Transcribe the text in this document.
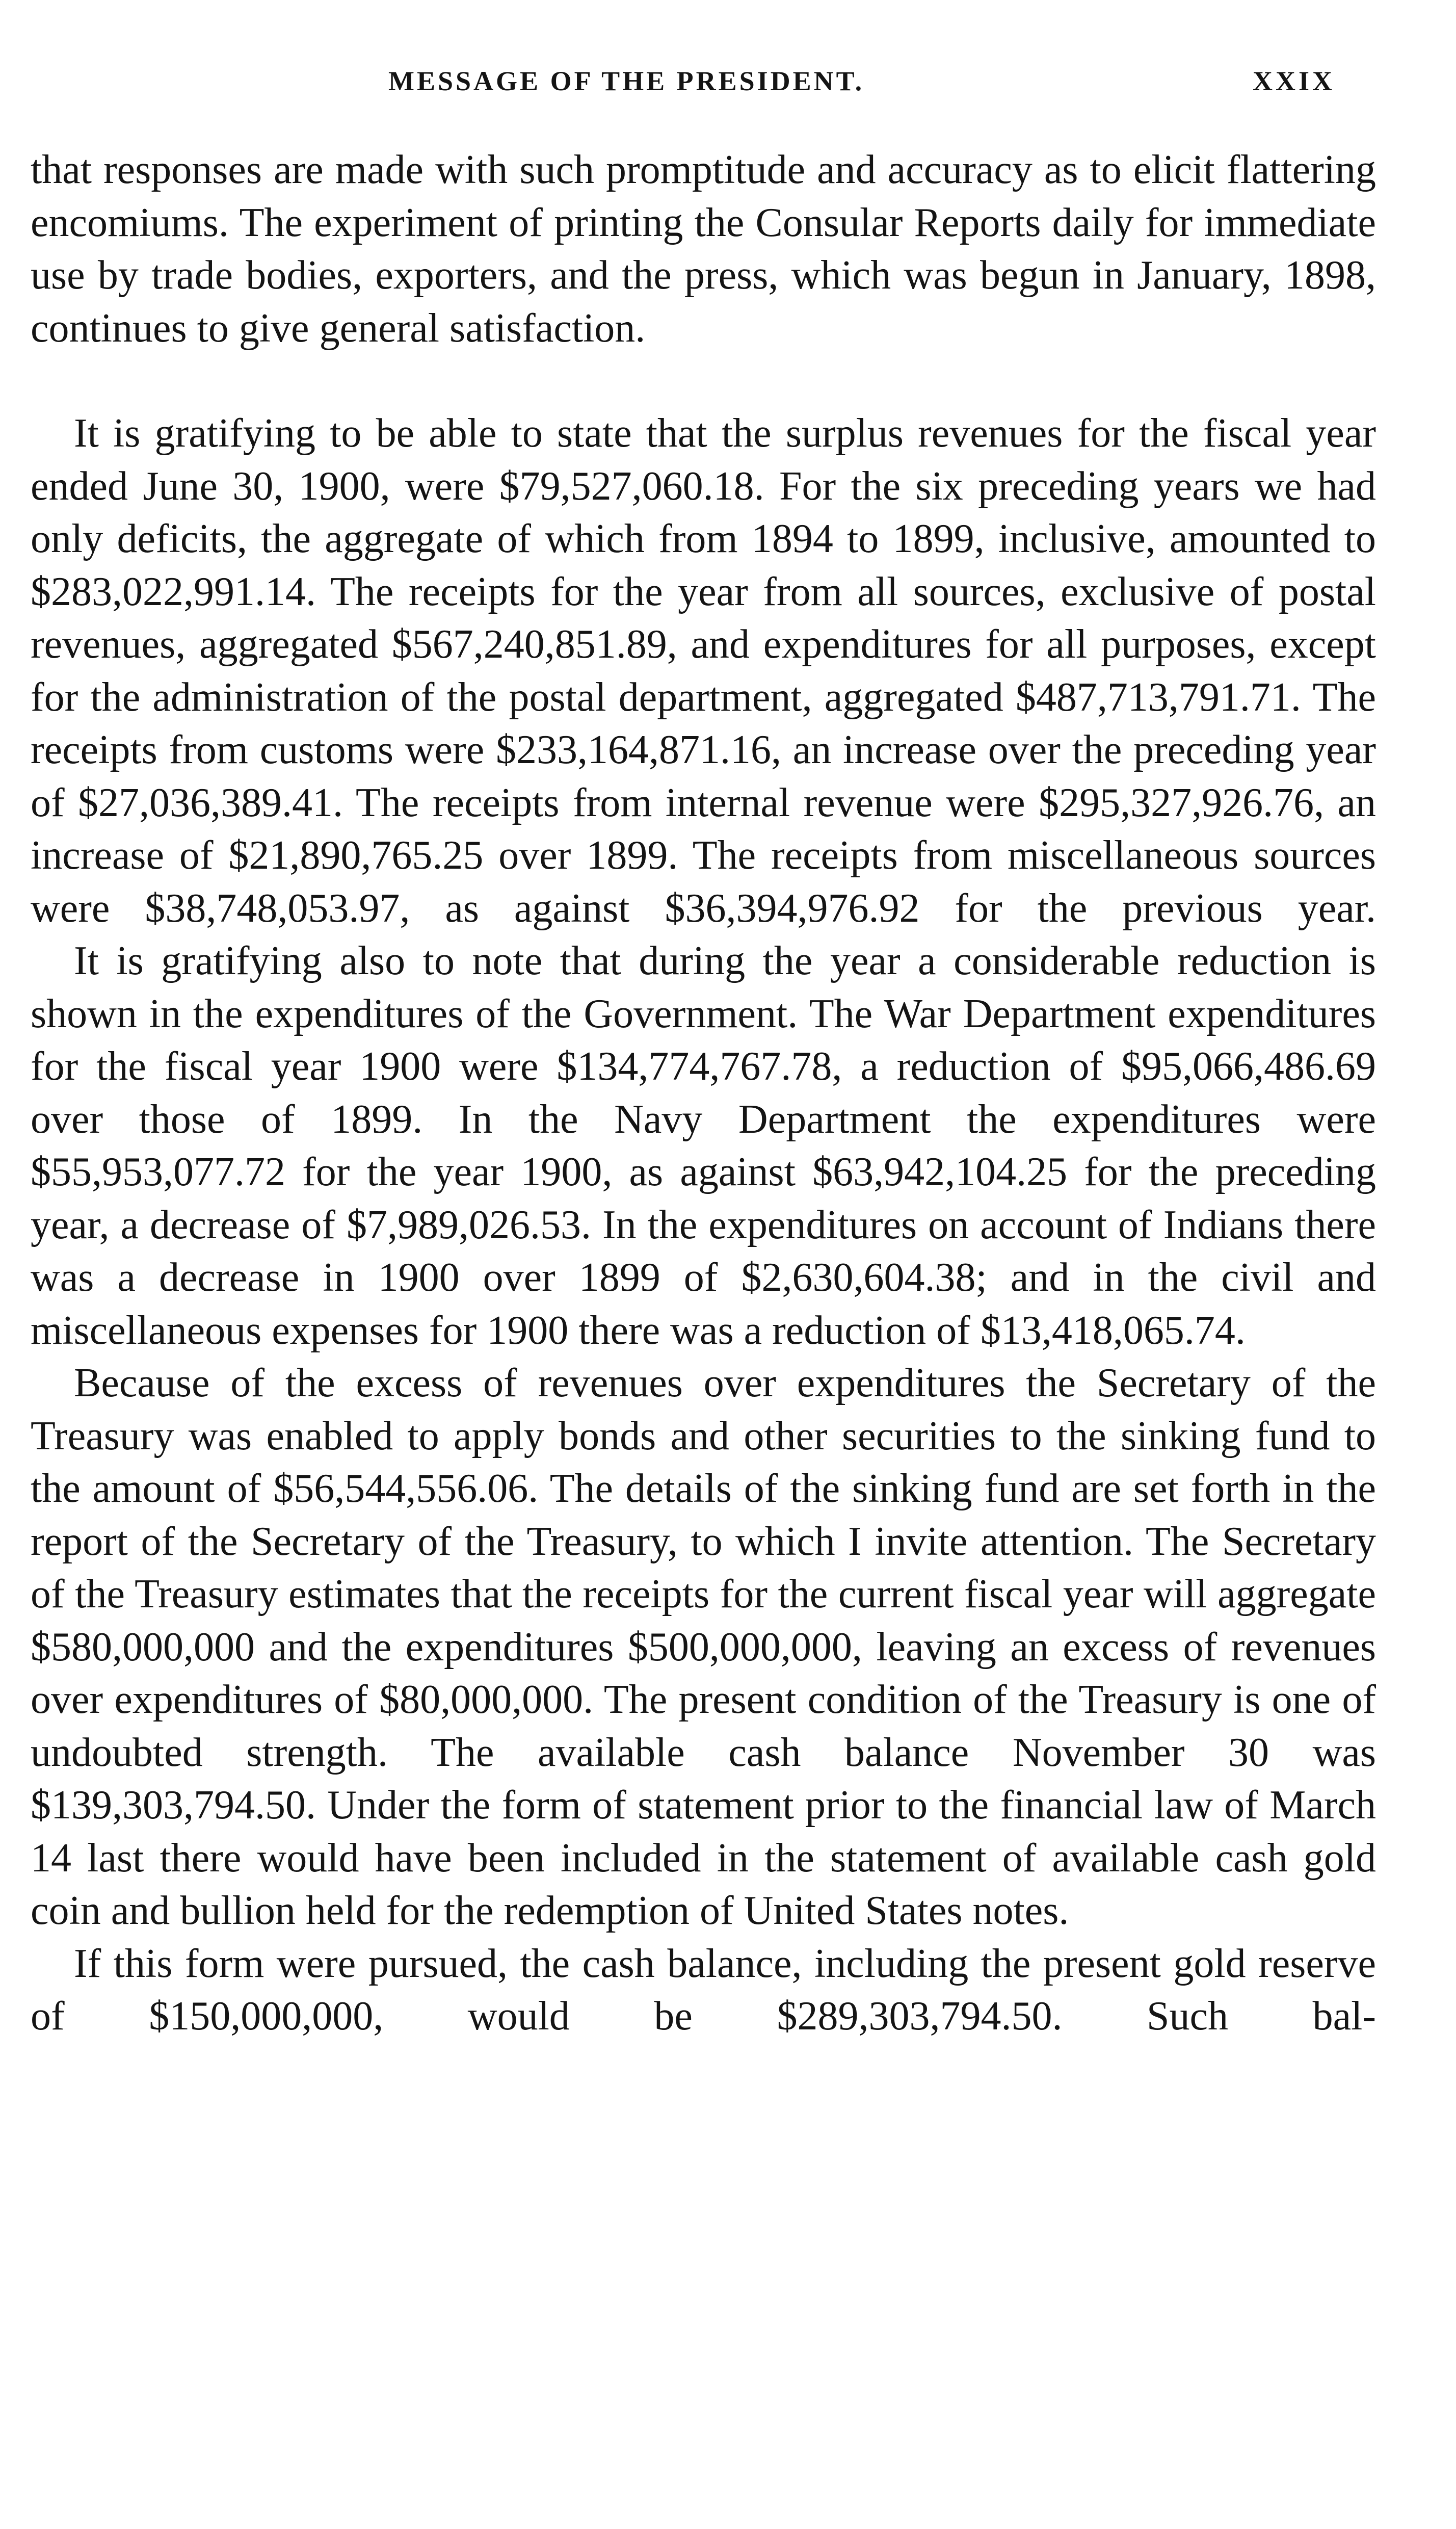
MESSAGE OF THE PRESIDENT.	XXIX

that responses are made with such promptitude and accuracy as to elicit flattering encomiums. The experiment of printing the Consular Reports daily for immediate use by trade bodies, exporters, and the press, which was begun in January, 1898, continues to give general satisfaction.

It is gratifying to be able to state that the surplus revenues for the fiscal year ended June 30, 1900, were $79,527,060.18. For the six preceding years we had only deficits, the aggregate of which from 1894 to 1899, inclusive, amounted to $283,022,991.14. The receipts for the year from all sources, exclusive of postal revenues, aggregated $567,240,851.89, and expenditures for all purposes, except for the administration of the postal department, aggregated $487,713,791.71. The receipts from customs were $233,164,871.16, an increase over the preceding year of $27,036,389.41. The receipts from internal revenue were $295,327,926.76, an increase of $21,890,765.25 over 1899. The receipts from miscellaneous sources were $38,748,053.97, as against $36,394,976.92 for the previous year.

It is gratifying also to note that during the year a considerable reduction is shown in the expenditures of the Government. The War Department expenditures for the fiscal year 1900 were $134,774,767.78, a reduction of $95,066,486.69 over those of 1899. In the Navy Department the expenditures were $55,953,077.72 for the year 1900, as against $63,942,104.25 for the preceding year, a decrease of $7,989,026.53. In the expenditures on account of Indians there was a decrease in 1900 over 1899 of $2,630,604.38; and in the civil and miscellaneous expenses for 1900 there was a reduction of $13,418,065.74.

Because of the excess of revenues over expenditures the Secretary of the Treasury was enabled to apply bonds and other securities to the sinking fund to the amount of $56,544,556.06. The details of the sinking fund are set forth in the report of the Secretary of the Treasury, to which I invite attention. The Secretary of the Treasury estimates that the receipts for the current fiscal year will aggregate $580,000,000 and the expenditures $500,000,000, leaving an excess of revenues over expenditures of $80,000,000. The present condition of the Treasury is one of undoubted strength. The available cash balance November 30 was $139,303,794.50. Under the form of statement prior to the financial law of March 14 last there would have been included in the statement of available cash gold coin and bullion held for the redemption of United States notes.

If this form were pursued, the cash balance, including the present gold reserve of $150,000,000, would be $289,303,794.50. Such bal-
